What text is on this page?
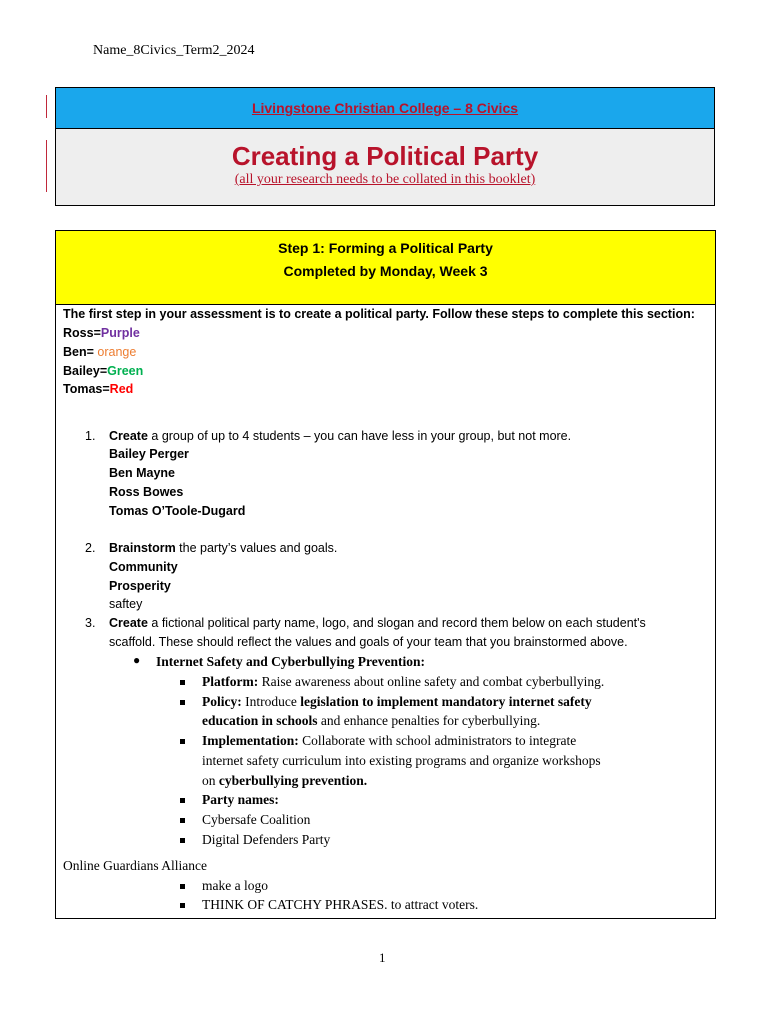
Name_8Civics_Term2_2024
Livingstone Christian College – 8 Civics
Creating a Political Party
(all your research needs to be collated in this booklet)
Step 1: Forming a Political Party
Completed by Monday, Week 3
The first step in your assessment is to create a political party. Follow these steps to complete this section:
Ross=Purple
Ben= orange
Bailey=Green
Tomas=Red
1. Create a group of up to 4 students – you can have less in your group, but not more.
Bailey Perger
Ben Mayne
Ross Bowes
Tomas O’Toole-Dugard
2. Brainstorm the party’s values and goals.
Community
Prosperity
saftey
3. Create a fictional political party name, logo, and slogan and record them below on each student's
scaffold. These should reflect the values and goals of your team that you brainstormed above.
● Internet Safety and Cyberbullying Prevention:
Platform: Raise awareness about online safety and combat cyberbullying.
Policy: Introduce legislation to implement mandatory internet safety
education in schools and enhance penalties for cyberbullying.
Implementation: Collaborate with school administrators to integrate
internet safety curriculum into existing programs and organize workshops
on cyberbullying prevention.
Party names:
Cybersafe Coalition
Digital Defenders Party
Online Guardians Alliance
make a logo
THINK OF CATCHY PHRASES. to attract voters.
1
